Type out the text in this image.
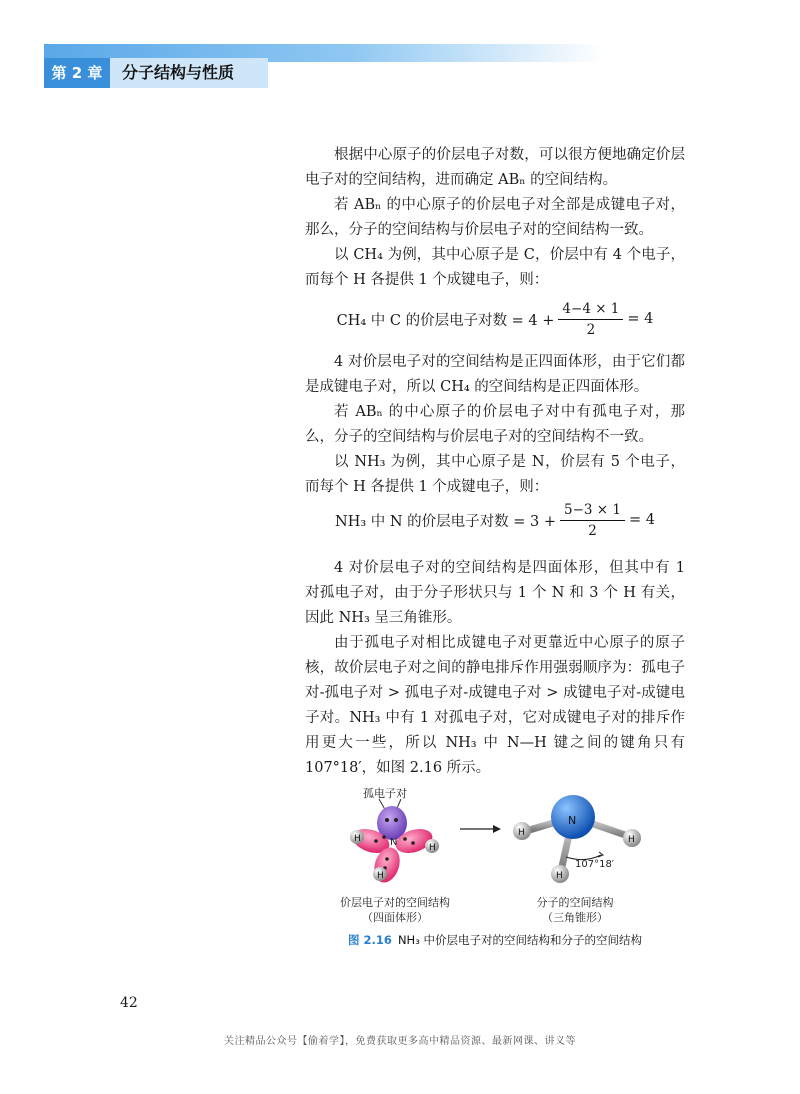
第 2 章	分子结构与性质

根据中心原子的价层电子对数，可以很方便地确定价层电子对的空间结构，进而确定 ABₙ 的空间结构。

若 ABₙ 的中心原子的价层电子对全部是成键电子对，那么，分子的空间结构与价层电子对的空间结构一致。

以 CH₄ 为例，其中心原子是 C，价层中有 4 个电子，而每个 H 各提供 1 个成键电子，则：

CH₄ 中 C 的价层电子对数 = $4 + \frac{4-4 \times 1}{2} = 4$

4 对价层电子对的空间结构是正四面体形，由于它们都是成键电子对，所以 CH₄ 的空间结构是正四面体形。

若 ABₙ 的中心原子的价层电子对中有孤电子对，那么，分子的空间结构与价层电子对的空间结构不一致。

以 NH₃ 为例，其中心原子是 N，价层有 5 个电子，而每个 H 各提供 1 个成键电子，则：

NH₃ 中 N 的价层电子对数 = $3 + \frac{5-3 \times 1}{2} = 4$

4 对价层电子对的空间结构是四面体形，但其中有 1 对孤电子对，由于分子形状只与 1 个 N 和 3 个 H 有关，因此 NH₃ 呈三角锥形。

由于孤电子对相比成键电子对更靠近中心原子的原子核，故价层电子对之间的静电排斥作用强弱顺序为：孤电子对-孤电子对 > 孤电子对-成键电子对 > 成键电子对-成键电子对。NH₃ 中有 1 对孤电子对，它对成键电子对的排斥作用更大一些，所以 NH₃ 中 N—H 键之间的键角只有 107°18′，如图 2.16 所示。

孤电子对
N
H
H
H
N
H
H
H
107°18′
价层电子对的空间结构
（四面体形）
分子的空间结构
（三角锥形）
图 2.16 NH₃ 中价层电子对的空间结构和分子的空间结构
42
关注精品公众号【偷着学】，免费获取更多高中精品资源、最新网课、讲义等
